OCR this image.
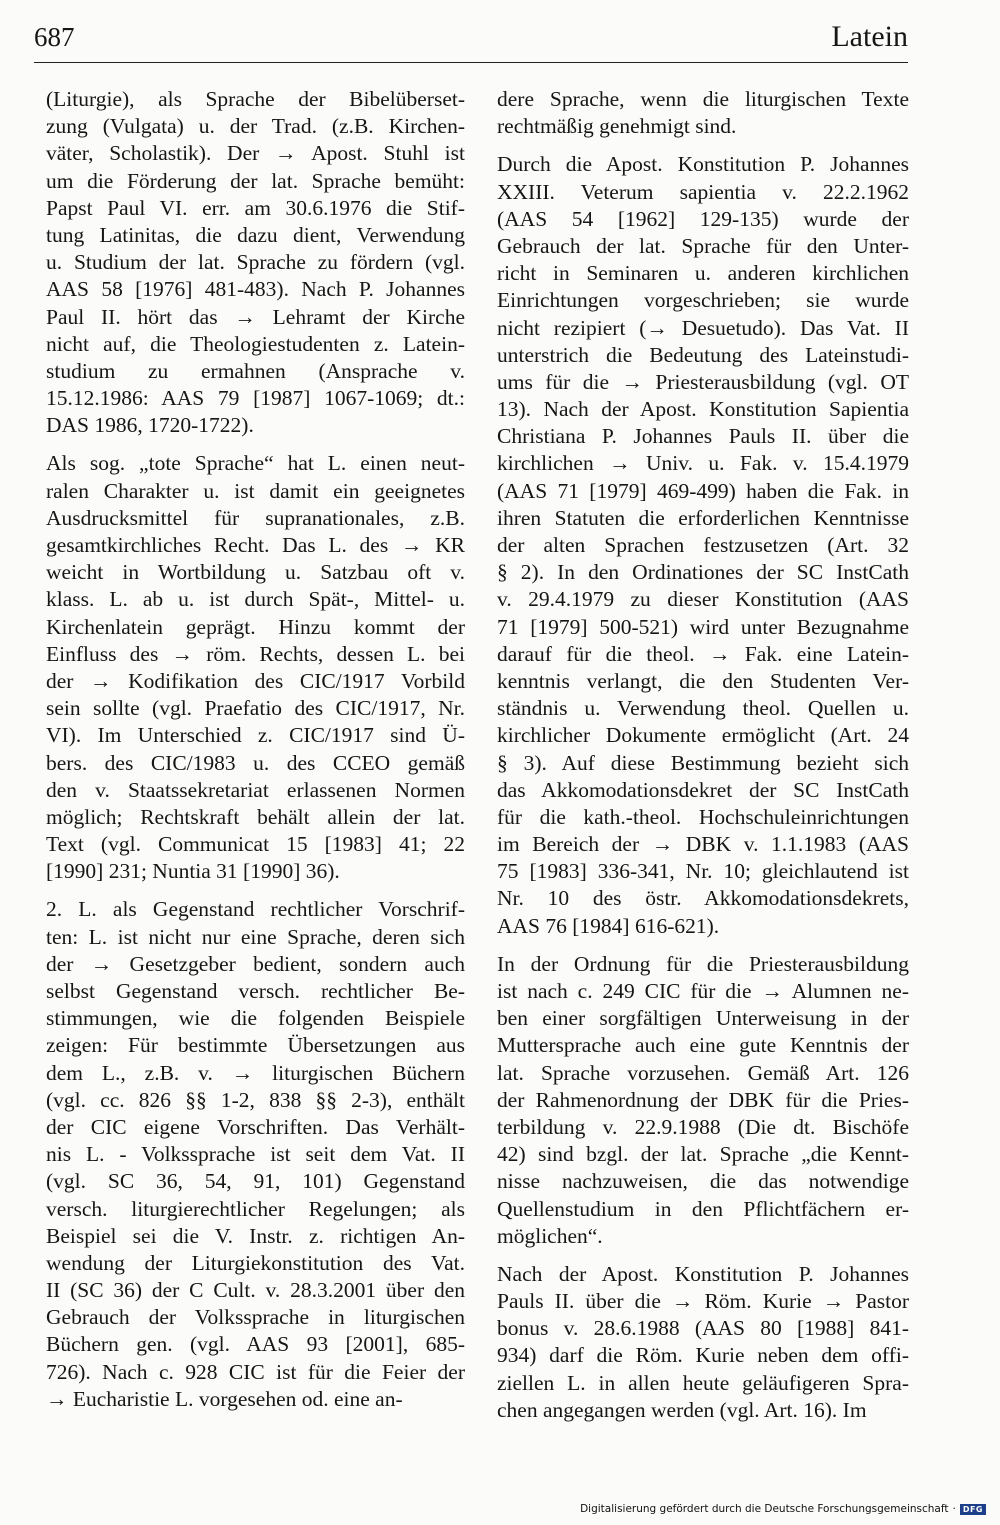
687	Latein
(Liturgie), als Sprache der Bibelüberset-
zung (Vulgata) u. der Trad. (z.B. Kirchen-
väter, Scholastik). Der → Apost. Stuhl ist
um die Förderung der lat. Sprache bemüht:
Papst Paul VI. err. am 30.6.1976 die Stif-
tung Latinitas, die dazu dient, Verwendung
u. Studium der lat. Sprache zu fördern (vgl.
AAS 58 [1976] 481-483). Nach P. Johannes
Paul II. hört das → Lehramt der Kirche
nicht auf, die Theologiestudenten z. Latein-
studium zu ermahnen (Ansprache v.
15.12.1986: AAS 79 [1987] 1067-1069; dt.:
DAS 1986, 1720-1722).
Als sog. „tote Sprache“ hat L. einen neut-
ralen Charakter u. ist damit ein geeignetes
Ausdrucksmittel für supranationales, z.B.
gesamtkirchliches Recht. Das L. des → KR
weicht in Wortbildung u. Satzbau oft v.
klass. L. ab u. ist durch Spät-, Mittel- u.
Kirchenlatein geprägt. Hinzu kommt der
Einfluss des → röm. Rechts, dessen L. bei
der → Kodifikation des CIC/1917 Vorbild
sein sollte (vgl. Praefatio des CIC/1917, Nr.
VI). Im Unterschied z. CIC/1917 sind Ü-
bers. des CIC/1983 u. des CCEO gemäß
den v. Staatssekretariat erlassenen Normen
möglich; Rechtskraft behält allein der lat.
Text (vgl. Communicat 15 [1983] 41; 22
[1990] 231; Nuntia 31 [1990] 36).
2. L. als Gegenstand rechtlicher Vorschrif-
ten: L. ist nicht nur eine Sprache, deren sich
der → Gesetzgeber bedient, sondern auch
selbst Gegenstand versch. rechtlicher Be-
stimmungen, wie die folgenden Beispiele
zeigen: Für bestimmte Übersetzungen aus
dem L., z.B. v. → liturgischen Büchern
(vgl. cc. 826 §§ 1-2, 838 §§ 2-3), enthält
der CIC eigene Vorschriften. Das Verhält-
nis L. - Volkssprache ist seit dem Vat. II
(vgl. SC 36, 54, 91, 101) Gegenstand
versch. liturgierechtlicher Regelungen; als
Beispiel sei die V. Instr. z. richtigen An-
wendung der Liturgiekonstitution des Vat.
II (SC 36) der C Cult. v. 28.3.2001 über den
Gebrauch der Volkssprache in liturgischen
Büchern gen. (vgl. AAS 93 [2001], 685-
726). Nach c. 928 CIC ist für die Feier der
→ Eucharistie L. vorgesehen od. eine an-
dere Sprache, wenn die liturgischen Texte
rechtmäßig genehmigt sind.
Durch die Apost. Konstitution P. Johannes
XXIII. Veterum sapientia v. 22.2.1962
(AAS 54 [1962] 129-135) wurde der
Gebrauch der lat. Sprache für den Unter-
richt in Seminaren u. anderen kirchlichen
Einrichtungen vorgeschrieben; sie wurde
nicht rezipiert (→ Desuetudo). Das Vat. II
unterstrich die Bedeutung des Lateinstudi-
ums für die → Priesterausbildung (vgl. OT
13). Nach der Apost. Konstitution Sapientia
Christiana P. Johannes Pauls II. über die
kirchlichen → Univ. u. Fak. v. 15.4.1979
(AAS 71 [1979] 469-499) haben die Fak. in
ihren Statuten die erforderlichen Kenntnisse
der alten Sprachen festzusetzen (Art. 32
§ 2). In den Ordinationes der SC InstCath
v. 29.4.1979 zu dieser Konstitution (AAS
71 [1979] 500-521) wird unter Bezugnahme
darauf für die theol. → Fak. eine Latein-
kenntnis verlangt, die den Studenten Ver-
ständnis u. Verwendung theol. Quellen u.
kirchlicher Dokumente ermöglicht (Art. 24
§ 3). Auf diese Bestimmung bezieht sich
das Akkomodationsdekret der SC InstCath
für die kath.-theol. Hochschuleinrichtungen
im Bereich der → DBK v. 1.1.1983 (AAS
75 [1983] 336-341, Nr. 10; gleichlautend ist
Nr. 10 des östr. Akkomodationsdekrets,
AAS 76 [1984] 616-621).
In der Ordnung für die Priesterausbildung
ist nach c. 249 CIC für die → Alumnen ne-
ben einer sorgfältigen Unterweisung in der
Muttersprache auch eine gute Kenntnis der
lat. Sprache vorzusehen. Gemäß Art. 126
der Rahmenordnung der DBK für die Pries-
terbildung v. 22.9.1988 (Die dt. Bischöfe
42) sind bzgl. der lat. Sprache „die Kennt-
nisse nachzuweisen, die das notwendige
Quellenstudium in den Pflichtfächern er-
möglichen“.
Nach der Apost. Konstitution P. Johannes
Pauls II. über die → Röm. Kurie → Pastor
bonus v. 28.6.1988 (AAS 80 [1988] 841-
934) darf die Röm. Kurie neben dem offi-
ziellen L. in allen heute geläufigeren Spra-
chen angegangen werden (vgl. Art. 16). Im
Digitalisierung gefördert durch die Deutsche Forschungsgemeinschaft · DFG
